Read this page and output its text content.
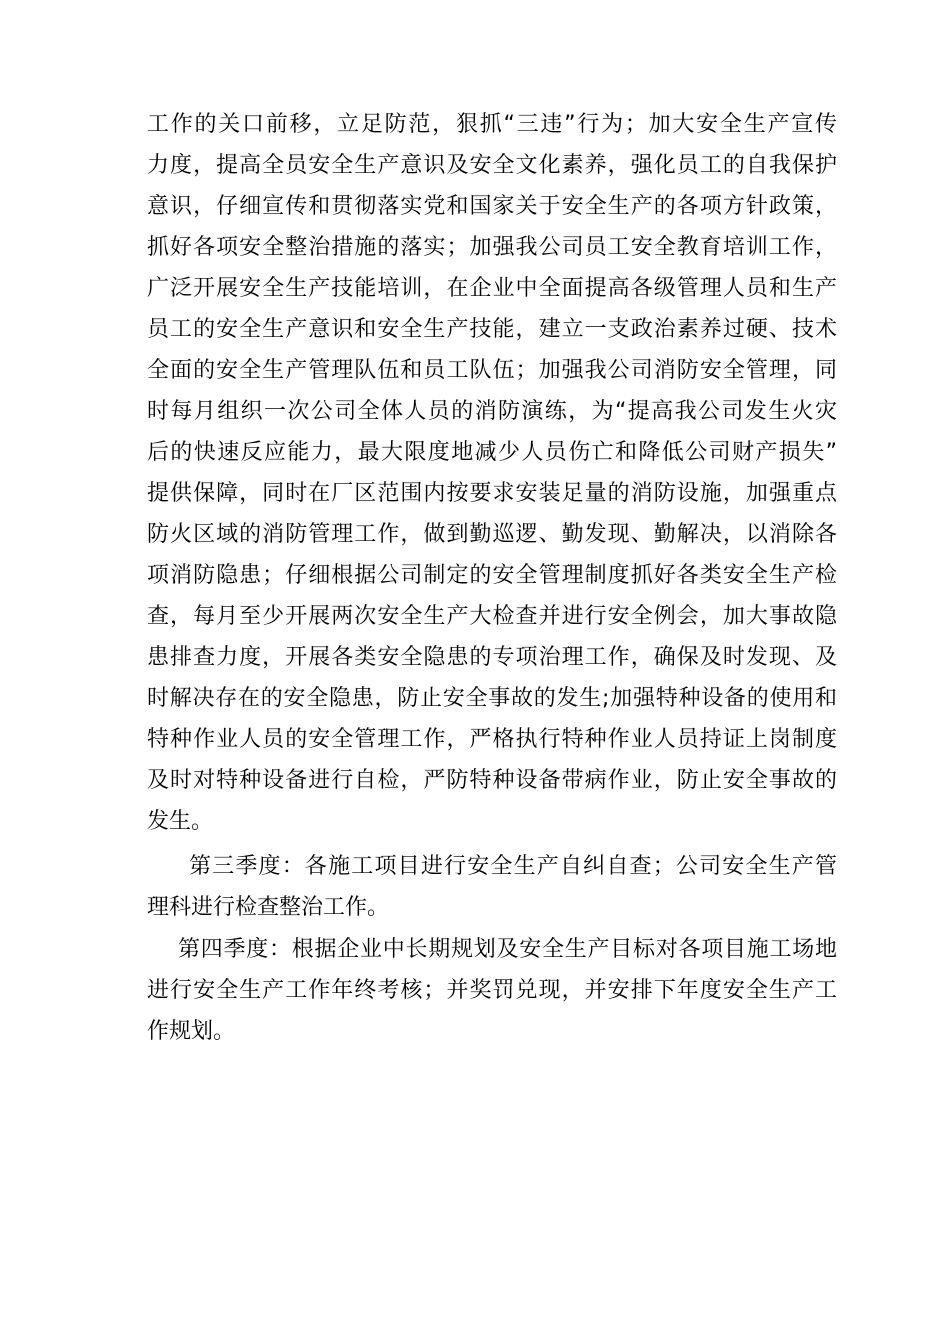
工作的关口前移，立足防范，狠抓“三违”行为；加大安全生产宣传
力度，提高全员安全生产意识及安全文化素养，强化员工的自我保护
意识，仔细宣传和贯彻落实党和国家关于安全生产的各项方针政策，
抓好各项安全整治措施的落实；加强我公司员工安全教育培训工作，
广泛开展安全生产技能培训，在企业中全面提高各级管理人员和生产
员工的安全生产意识和安全生产技能，建立一支政治素养过硬、技术
全面的安全生产管理队伍和员工队伍；加强我公司消防安全管理，同
时每月组织一次公司全体人员的消防演练，为“提高我公司发生火灾
后的快速反应能力，最大限度地减少人员伤亡和降低公司财产损失”
提供保障，同时在厂区范围内按要求安装足量的消防设施，加强重点
防火区域的消防管理工作，做到勤巡逻、勤发现、勤解决，以消除各
项消防隐患；仔细根据公司制定的安全管理制度抓好各类安全生产检
查，每月至少开展两次安全生产大检查并进行安全例会，加大事故隐
患排查力度，开展各类安全隐患的专项治理工作，确保及时发现、及
时解决存在的安全隐患，防止安全事故的发生;加强特种设备的使用和
特种作业人员的安全管理工作，严格执行特种作业人员持证上岗制度
及时对特种设备进行自检，严防特种设备带病作业，防止安全事故的
发生。
第三季度：各施工项目进行安全生产自纠自查；公司安全生产管
理科进行检查整治工作。
第四季度：根据企业中长期规划及安全生产目标对各项目施工场地
进行安全生产工作年终考核；并奖罚兑现，并安排下年度安全生产工
作规划。
